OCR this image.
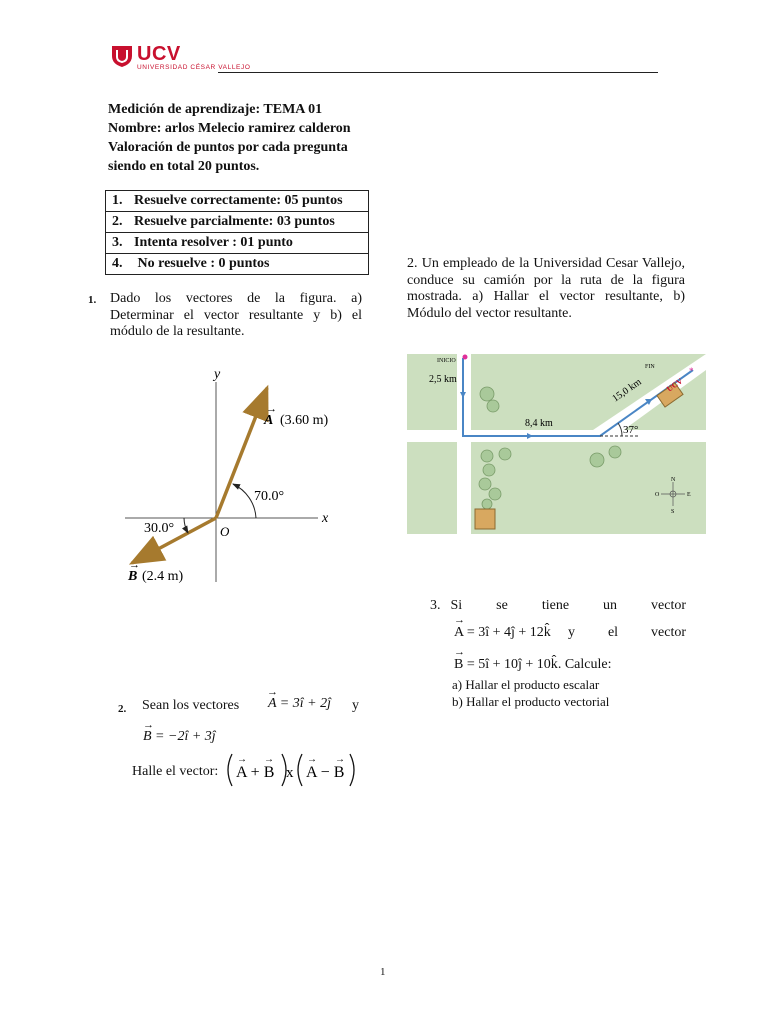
UCV
UNIVERSIDAD CÉSAR VALLEJO
Medición de aprendizaje: TEMA 01
Nombre: arlos Melecio ramirez calderon
Valoración de puntos por cada pregunta
siendo en total 20 puntos.
1. Resuelve correctamente: 05 puntos
2. Resuelve parcialmente: 03 puntos
3. Intenta resolver : 01 punto
4. No resuelve : 0 puntos
1. Dado los vectores de la figura. a) Determinar el vector resultante y b) el módulo de la resultante.
y
x
O
A
→
(3.60 m)
B
→
(2.4 m)
70.0°
30.0°
2. Sean los vectores A = 3î + 2ĵ
→
y
B = −2î + 3ĵ
→
Halle el vector: A + B
→ →
x A − B
→ →
2. Un empleado de la Universidad Cesar Vallejo, conduce su camión por la ruta de la figura mostrada. a) Hallar el vector resultante, b) Módulo del vector resultante.
37°
INICIO
FIN	*
2,5 km
8,4 km
15,0 km	UCV
N
S
E
O
3. Si se tiene un vector
→
A = 3î + 4ĵ + 12k̂ y el vector
→
B = 5î + 10ĵ + 10k̂. Calcule:
a) Hallar el producto escalar
b) Hallar el producto vectorial
1
